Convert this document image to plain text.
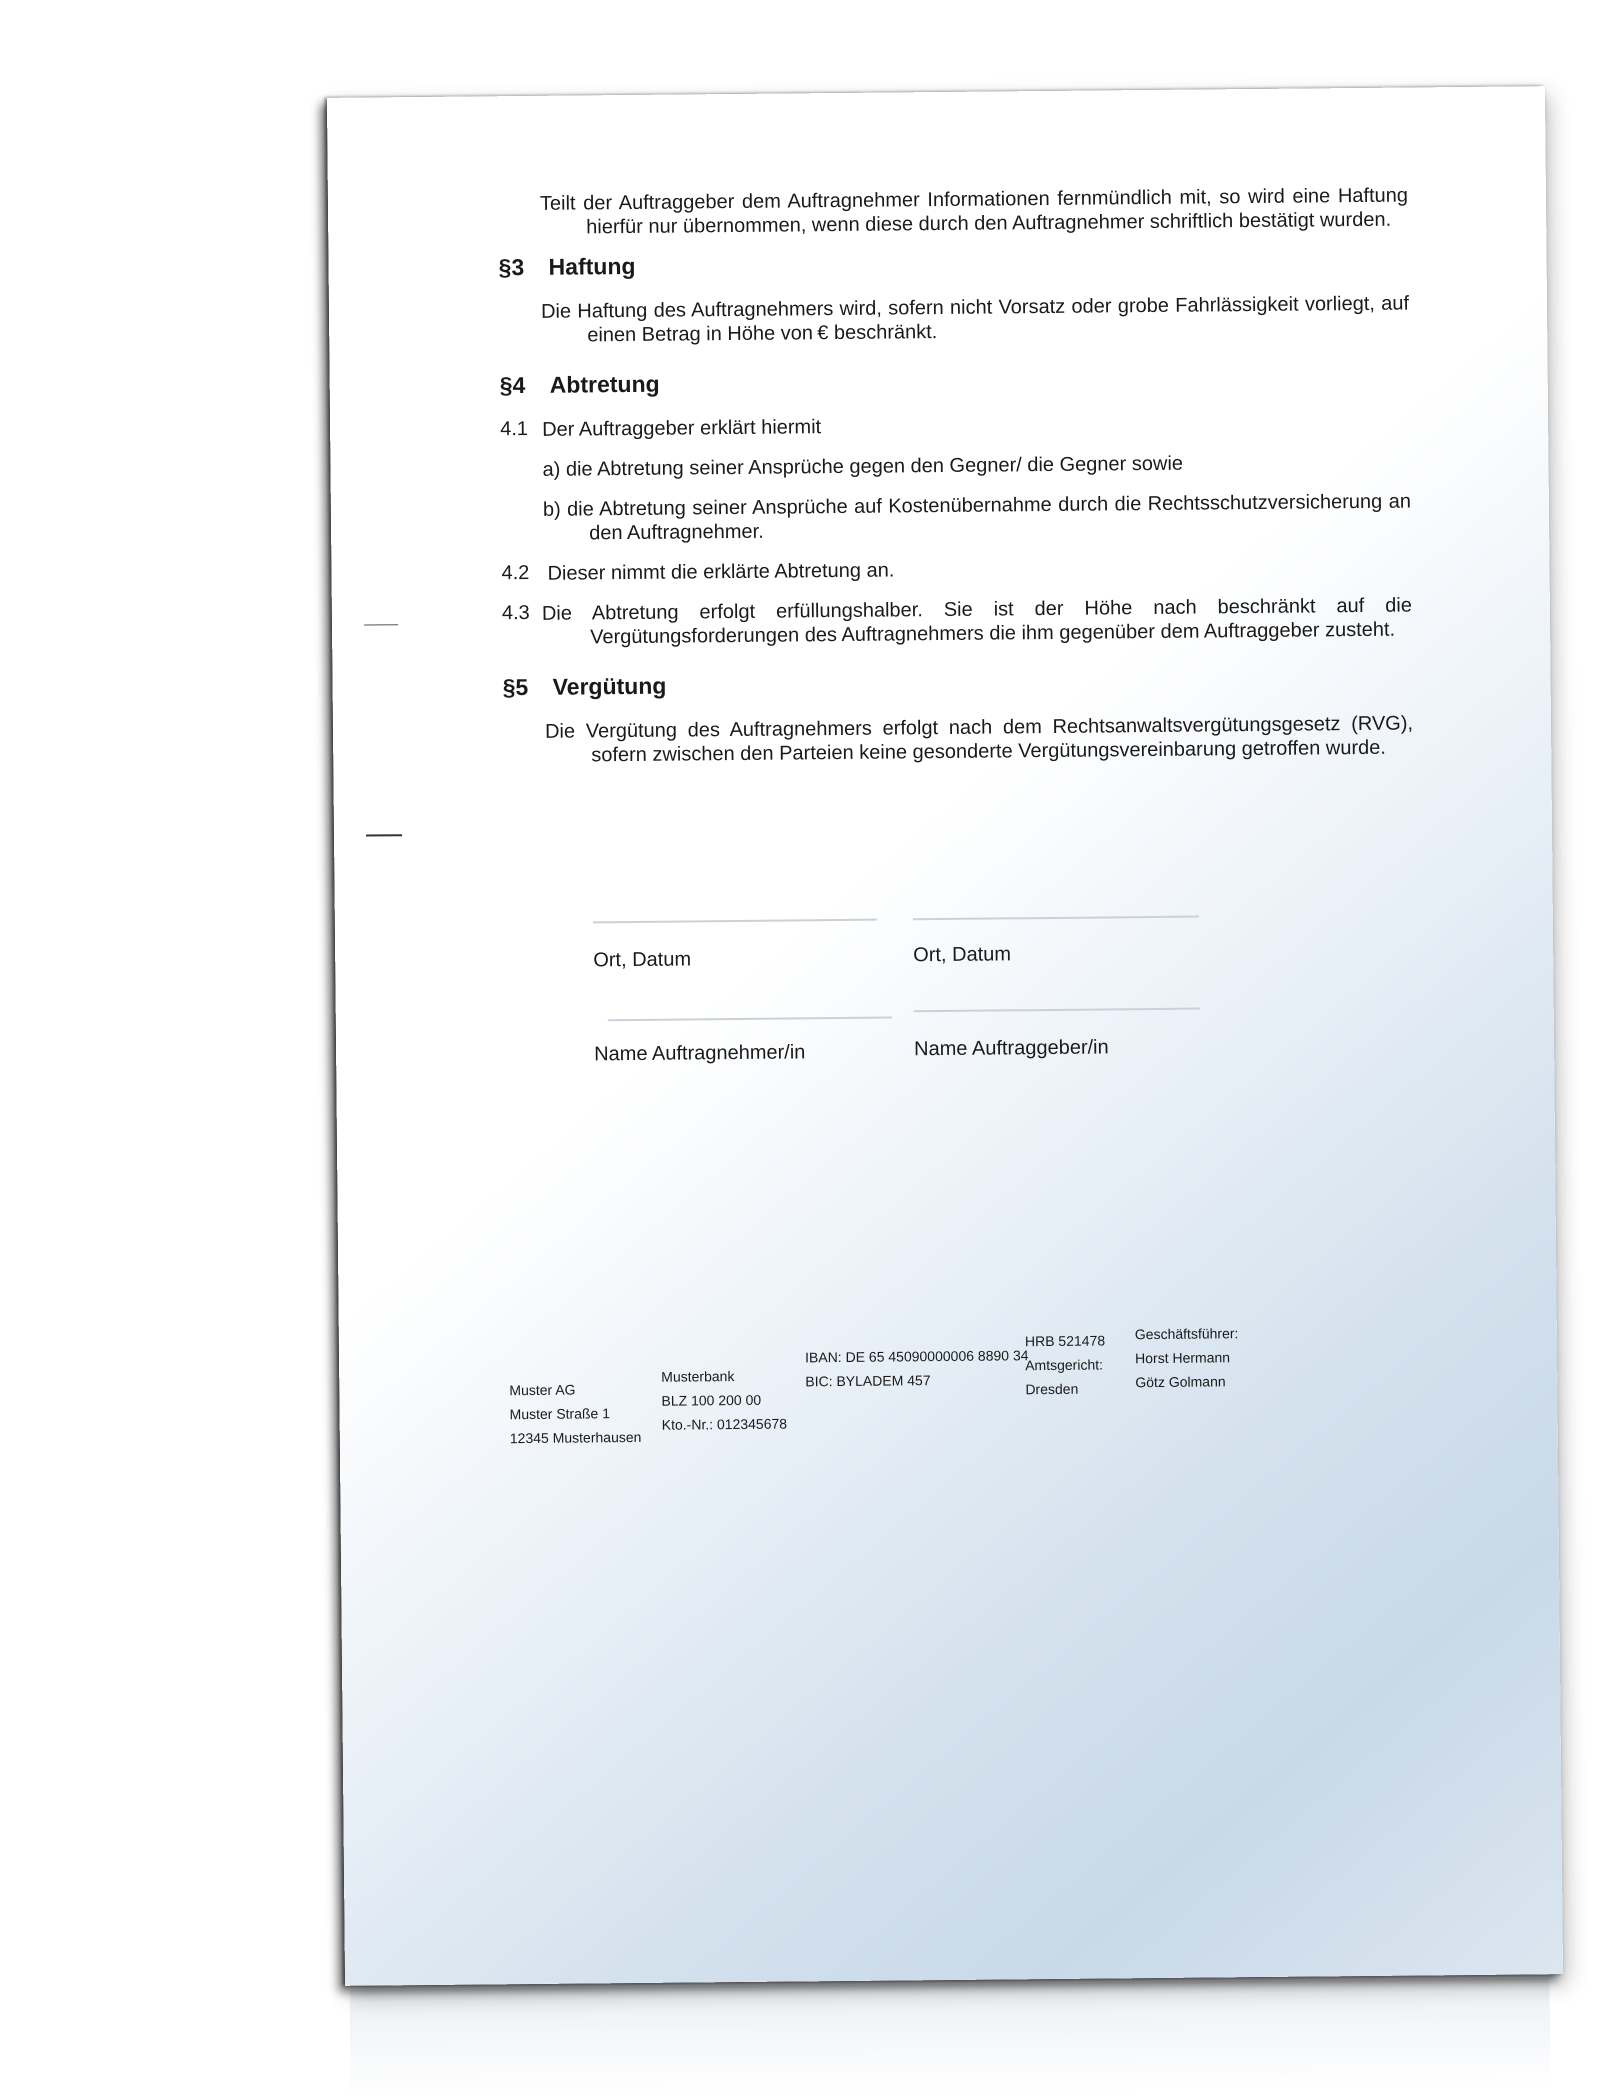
Teilt der Auftraggeber dem Auftragnehmer Informationen fernmündlich mit, so wird eine Haftung
hierfür nur übernommen, wenn diese durch den Auftragnehmer schriftlich bestätigt wurden.
§3 Haftung
Die Haftung des Auftragnehmers wird, sofern nicht Vorsatz oder grobe Fahrlässigkeit vorliegt, auf
einen Betrag in Höhe von € beschränkt.
§4 Abtretung
4.1 Der Auftraggeber erklärt hiermit
a) die Abtretung seiner Ansprüche gegen den Gegner/ die Gegner sowie
b) die Abtretung seiner Ansprüche auf Kostenübernahme durch die Rechtsschutzversicherung an
den Auftragnehmer.
4.2 Dieser nimmt die erklärte Abtretung an.
4.3 Die Abtretung erfolgt erfüllungshalber. Sie ist der Höhe nach beschränkt auf die
Vergütungsforderungen des Auftragnehmers die ihm gegenüber dem Auftraggeber zusteht.
§5 Vergütung
Die Vergütung des Auftragnehmers erfolgt nach dem Rechtsanwaltsvergütungsgesetz (RVG),
sofern zwischen den Parteien keine gesonderte Vergütungsvereinbarung getroffen wurde.
Ort, Datum	Ort, Datum
Name Auftragnehmer/in	Name Auftraggeber/in
Muster AG
Muster Straße 1
12345 Musterhausen
Musterbank
BLZ 100 200 00
Kto.-Nr.: 012345678
IBAN: DE 65 45090000006 8890 34
BIC: BYLADEM 457
HRB 521478
Amtsgericht:
Dresden
Geschäftsführer:
Horst Hermann
Götz Golmann
